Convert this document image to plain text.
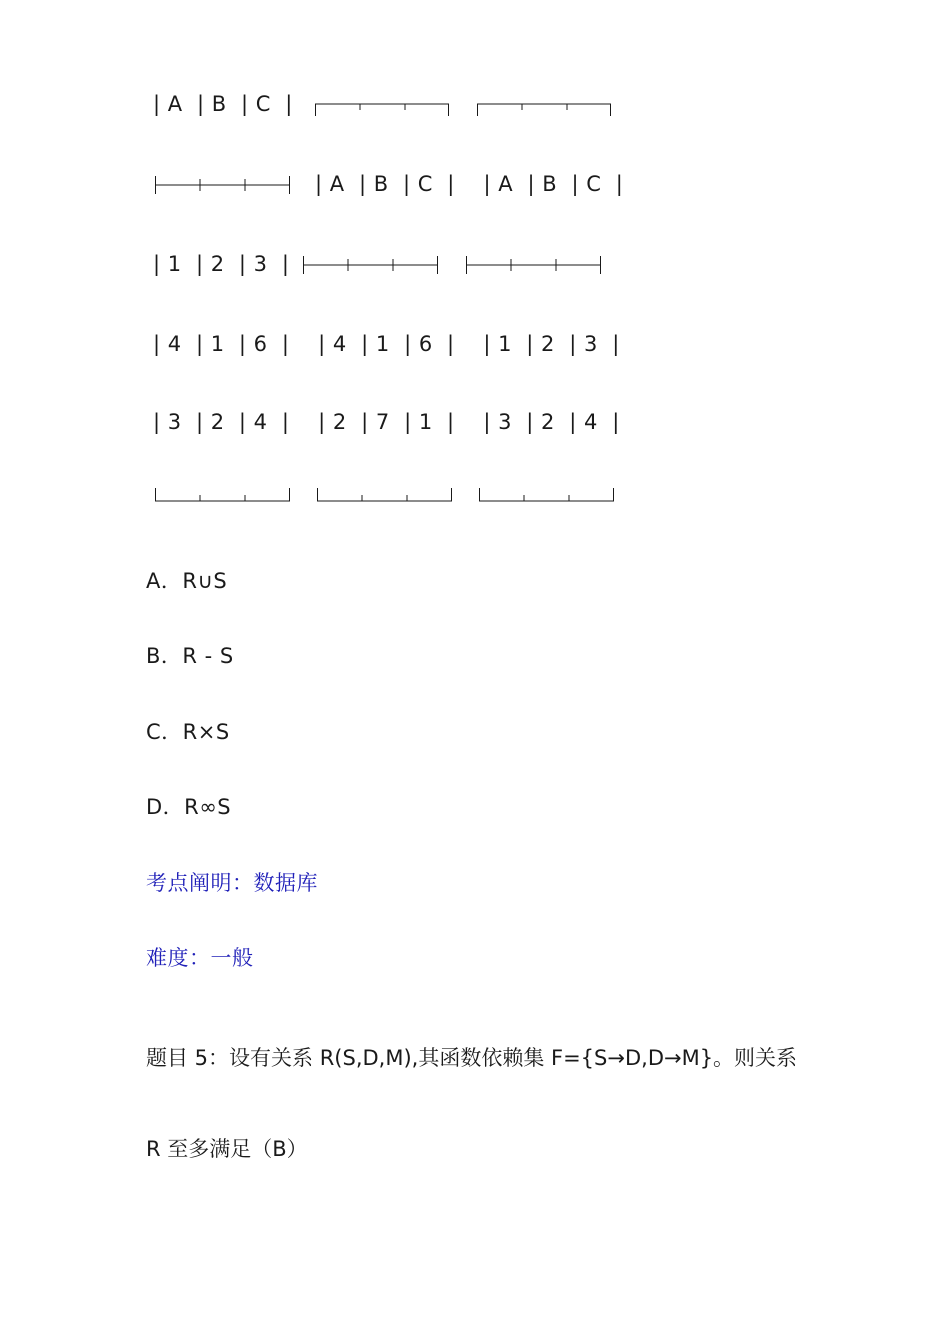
| A  | B  | C  |
| A  | B  | C  |    | A  | B  | C  |
| 1  | 2  | 3  |
| 4  | 1  | 6  |    | 4  | 1  | 6  |    | 1  | 2  | 3  |
| 3  | 2  | 4  |    | 2  | 7  | 1  |    | 3  | 2  | 4  |
A．R∪S
B．R - S
C．R×S
D．R∞S
考点阐明：数据库
难度：一般
题目 5：设有关系 R(S,D,M),其函数依赖集 F={S→D,D→M}。则关系
R 至多满足（B）
